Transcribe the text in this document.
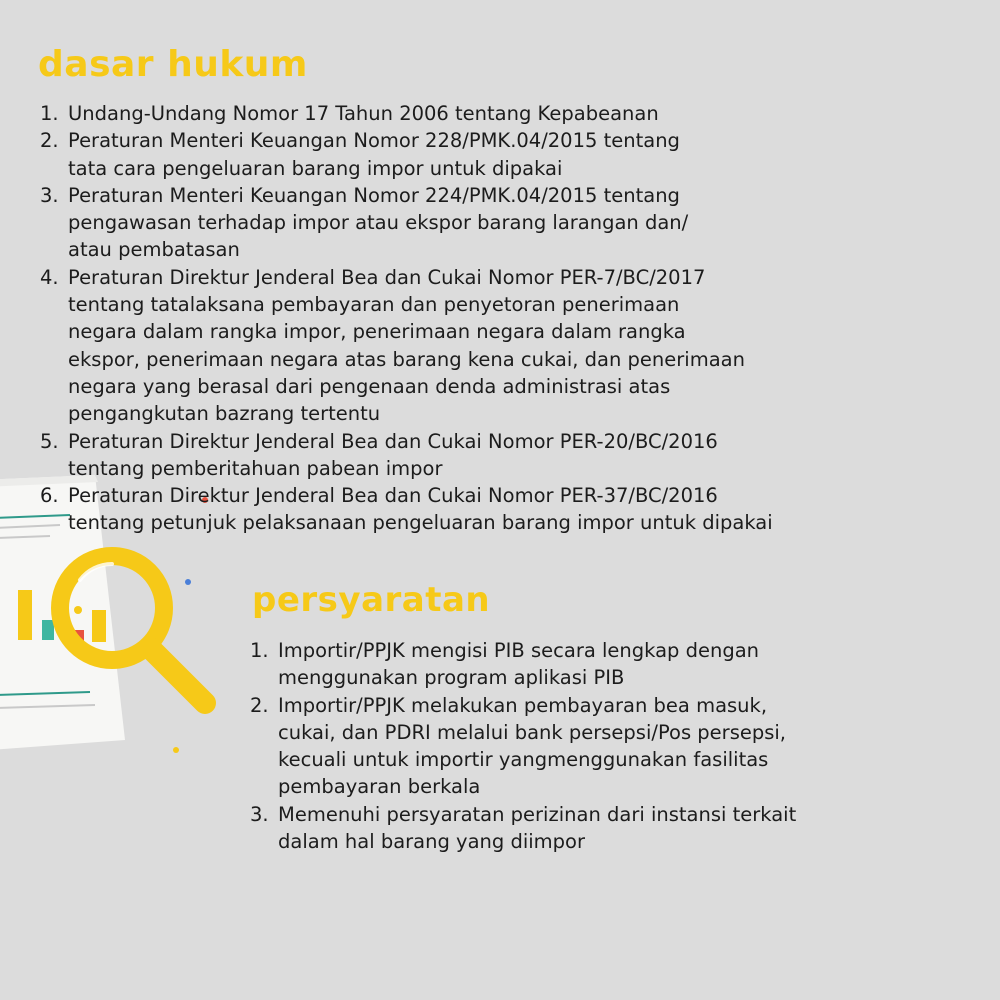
dasar hukum
1. Undang-Undang Nomor 17 Tahun 2006 tentang Kepabeanan
2. Peraturan Menteri Keuangan Nomor 228/PMK.04/2015 tentang
tata cara pengeluaran barang impor untuk dipakai
3. Peraturan Menteri Keuangan Nomor 224/PMK.04/2015 tentang
pengawasan terhadap impor atau ekspor barang larangan dan/
atau pembatasan
4. Peraturan Direktur Jenderal Bea dan Cukai Nomor PER-7/BC/2017
tentang tatalaksana pembayaran dan penyetoran penerimaan
negara dalam rangka impor, penerimaan negara dalam rangka
ekspor, penerimaan negara atas barang kena cukai, dan penerimaan
negara yang berasal dari pengenaan denda administrasi atas
pengangkutan bazrang tertentu
5. Peraturan Direktur Jenderal Bea dan Cukai Nomor PER-20/BC/2016
tentang pemberitahuan pabean impor
6. Peraturan Direktur Jenderal Bea dan Cukai Nomor PER-37/BC/2016
tentang petunjuk pelaksanaan pengeluaran barang impor untuk dipakai
persyaratan
1. Importir/PPJK mengisi PIB secara lengkap dengan
menggunakan program aplikasi PIB
2. Importir/PPJK melakukan pembayaran bea masuk,
cukai, dan PDRI melalui bank persepsi/Pos persepsi,
kecuali untuk importir yangmenggunakan fasilitas
pembayaran berkala
3. Memenuhi persyaratan perizinan dari instansi terkait
dalam hal barang yang diimpor
